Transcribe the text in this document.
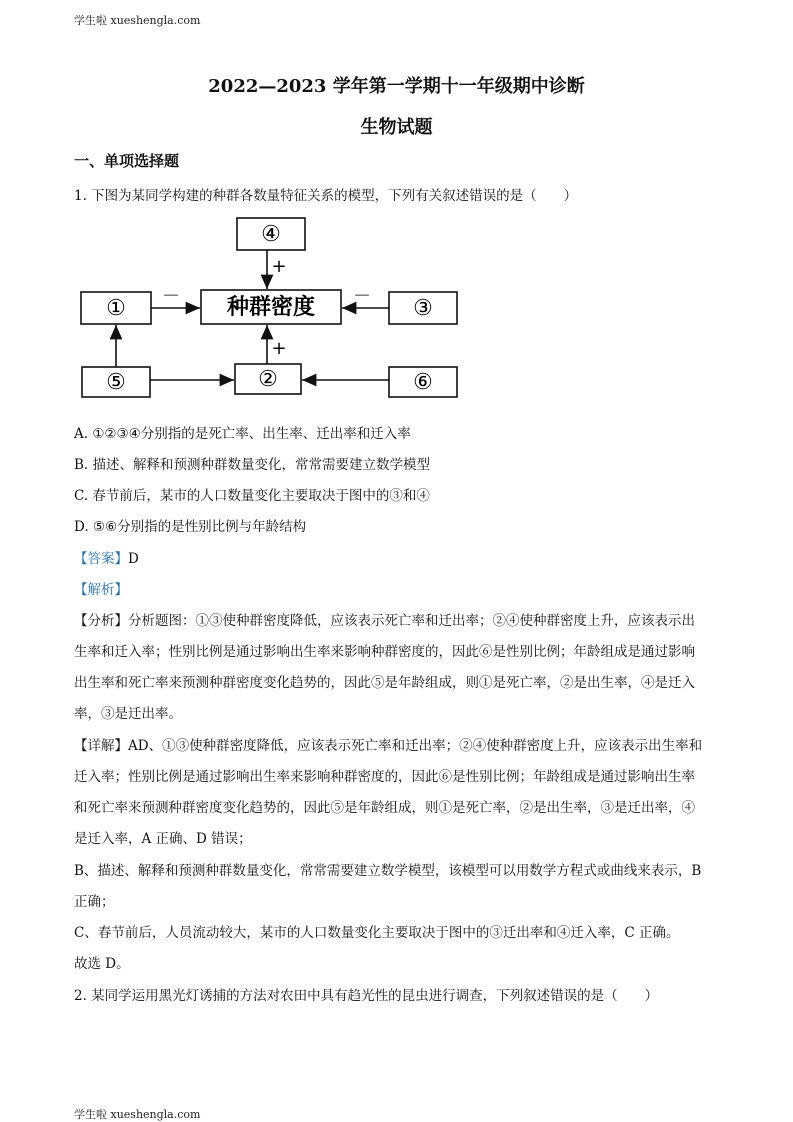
学生啦 xueshengla.com
2022—2023 学年第一学期十一年级期中诊断
生物试题
一、单项选择题
1. 下图为某同学构建的种群各数量特征关系的模型，下列有关叙述错误的是（　　）
④
①	种群密度	③
⑤	②	⑥
+
－	－
+
A. ①②③④分别指的是死亡率、出生率、迁出率和迁入率
B. 描述、解释和预测种群数量变化，常常需要建立数学模型
C. 春节前后，某市的人口数量变化主要取决于图中的③和④
D. ⑤⑥分别指的是性别比例与年龄结构
【答案】D
【解析】
【分析】分析题图：①③使种群密度降低，应该表示死亡率和迁出率；②④使种群密度上升，应该表示出
生率和迁入率；性别比例是通过影响出生率来影响种群密度的，因此⑥是性别比例；年龄组成是通过影响
出生率和死亡率来预测种群密度变化趋势的，因此⑤是年龄组成，则①是死亡率，②是出生率，④是迁入
率，③是迁出率。
【详解】AD、①③使种群密度降低，应该表示死亡率和迁出率；②④使种群密度上升，应该表示出生率和
迁入率；性别比例是通过影响出生率来影响种群密度的，因此⑥是性别比例；年龄组成是通过影响出生率
和死亡率来预测种群密度变化趋势的，因此⑤是年龄组成，则①是死亡率，②是出生率，③是迁出率，④
是迁入率，A 正确、D 错误；
B、描述、解释和预测种群数量变化，常常需要建立数学模型，该模型可以用数学方程式或曲线来表示，B
正确；
C、春节前后，人员流动较大，某市的人口数量变化主要取决于图中的③迁出率和④迁入率，C 正确。
故选 D。
2. 某同学运用黑光灯诱捕的方法对农田中具有趋光性的昆虫进行调查，下列叙述错误的是（　　）
学生啦 xueshengla.com
